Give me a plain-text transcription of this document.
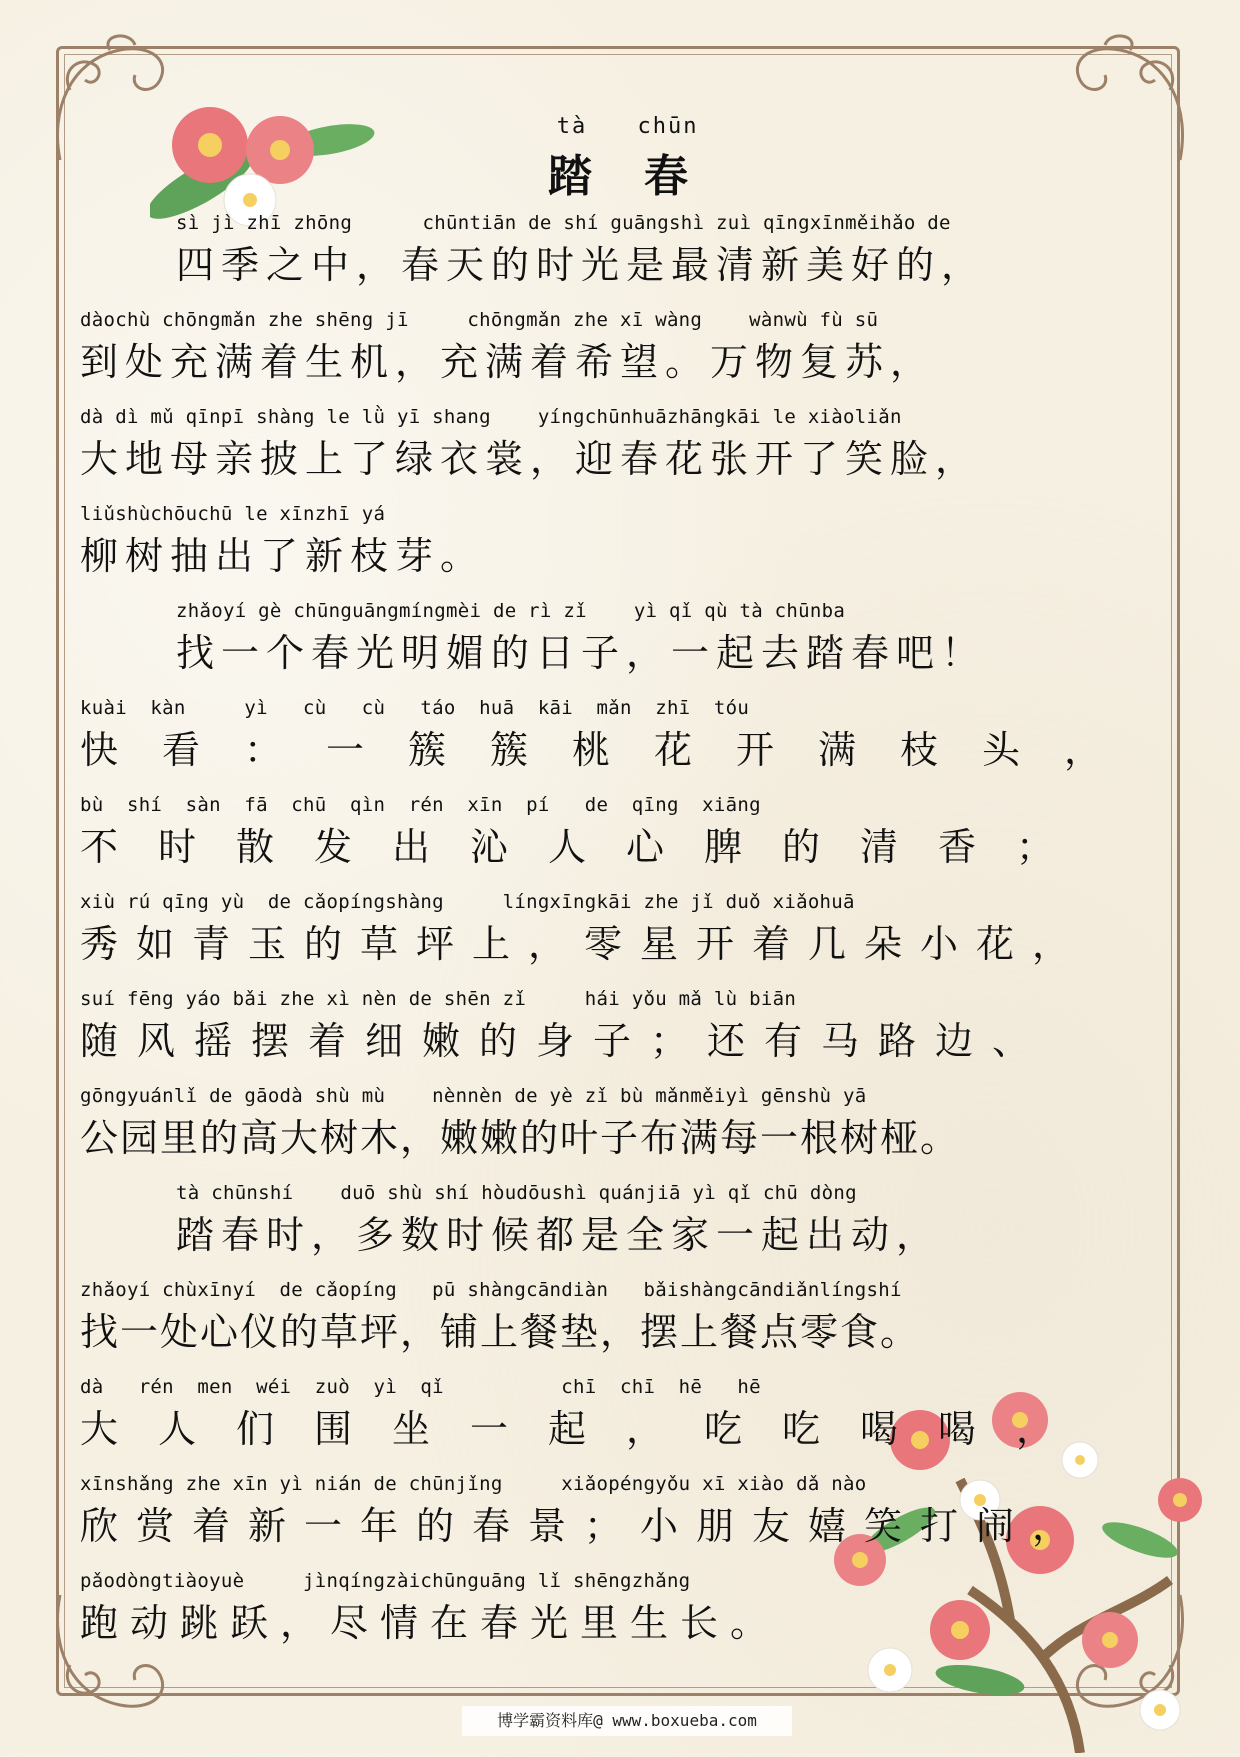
tà chūn
踏 春
sì jì zhī zhōng      chūntiān de shí guāngshì zuì qīngxīnměihǎo de
四季之中，春天的时光是最清新美好的，
dàochù chōngmǎn zhe shēng jī     chōngmǎn zhe xī wàng    wànwù fù sū
到处充满着生机，充满着希望。万物复苏，
dà dì mǔ qīnpī shàng le lǜ yī shang    yíngchūnhuāzhāngkāi le xiàoliǎn
大地母亲披上了绿衣裳，迎春花张开了笑脸，
liǔshùchōuchū le xīnzhī yá
柳树抽出了新枝芽。
zhǎoyí gè chūnguāngmíngmèi de rì zǐ    yì qǐ qù tà chūnba
找一个春光明媚的日子，一起去踏春吧！
kuài  kàn     yì   cù   cù   táo  huā  kāi  mǎn  zhī  tóu
快看：一簇簇桃花开满枝头，
bù  shí  sàn  fā  chū  qìn  rén  xīn  pí   de  qīng  xiāng
不时散发出沁人心脾的清香；
xiù rú qīng yù  de cǎopíngshàng     língxīngkāi zhe jǐ duǒ xiǎohuā
秀如青玉的草坪上，零星开着几朵小花，
suí fēng yáo bǎi zhe xì nèn de shēn zǐ     hái yǒu mǎ lù biān
随风摇摆着细嫩的身子；还有马路边、
gōngyuánlǐ de gāodà shù mù    nènnèn de yè zǐ bù mǎnměiyì gēnshù yā
公园里的高大树木，嫩嫩的叶子布满每一根树桠。
tà chūnshí    duō shù shí hòudōushì quánjiā yì qǐ chū dòng
踏春时，多数时候都是全家一起出动，
zhǎoyí chùxīnyí  de cǎopíng   pū shàngcāndiàn   bǎishàngcāndiǎnlíngshí
找一处心仪的草坪，铺上餐垫，摆上餐点零食。
dà   rén  men  wéi  zuò  yì  qǐ          chī  chī  hē   hē
大人们围坐一起，吃吃喝喝，
xīnshǎng zhe xīn yì nián de chūnjǐng     xiǎopéngyǒu xī xiào dǎ nào
欣赏着新一年的春景；小朋友嬉笑打闹，
pǎodòngtiàoyuè     jìnqíngzàichūnguāng lǐ shēngzhǎng
跑动跳跃，尽情在春光里生长。
博学霸资料库@ www.boxueba.com
